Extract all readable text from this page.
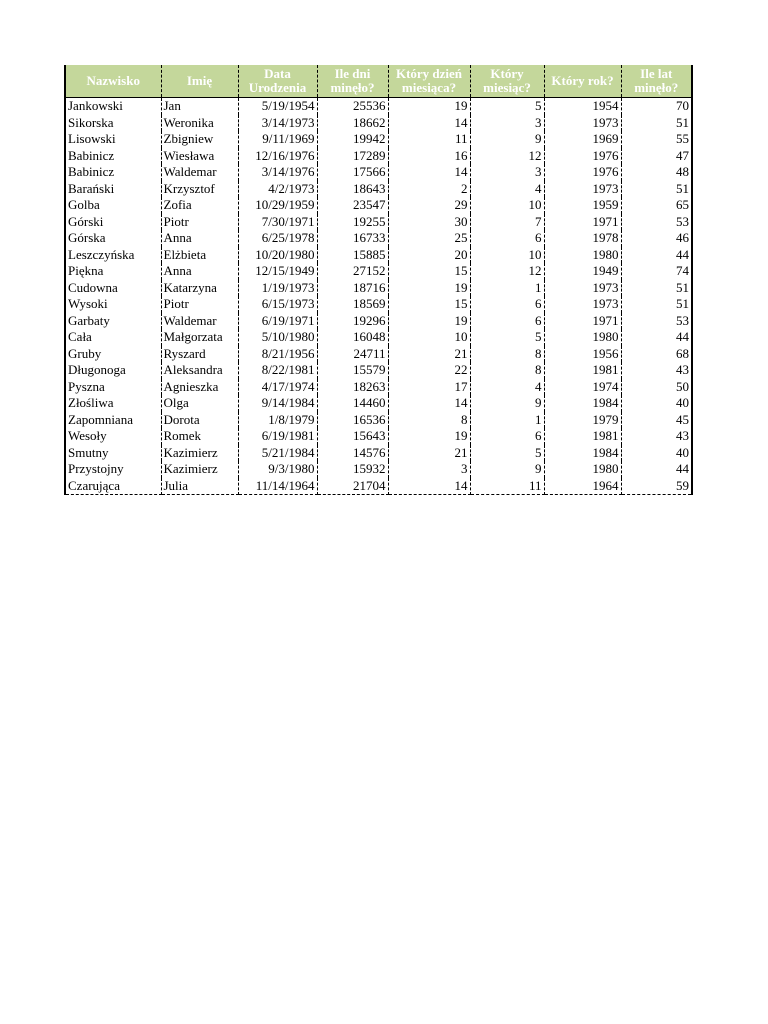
Nazwisko	Imię	Data Urodzenia	Ile dni minęło?	Który dzień miesiąca?	Który miesiąc?	Który rok?	Ile lat minęło?
Jankowski	Jan	5/19/1954	25536	19	5	1954	70
Sikorska	Weronika	3/14/1973	18662	14	3	1973	51
Lisowski	Zbigniew	9/11/1969	19942	11	9	1969	55
Babinicz	Wiesława	12/16/1976	17289	16	12	1976	47
Babinicz	Waldemar	3/14/1976	17566	14	3	1976	48
Barański	Krzysztof	4/2/1973	18643	2	4	1973	51
Golba	Zofia	10/29/1959	23547	29	10	1959	65
Górski	Piotr	7/30/1971	19255	30	7	1971	53
Górska	Anna	6/25/1978	16733	25	6	1978	46
Leszczyńska	Elżbieta	10/20/1980	15885	20	10	1980	44
Piękna	Anna	12/15/1949	27152	15	12	1949	74
Cudowna	Katarzyna	1/19/1973	18716	19	1	1973	51
Wysoki	Piotr	6/15/1973	18569	15	6	1973	51
Garbaty	Waldemar	6/19/1971	19296	19	6	1971	53
Cała	Małgorzata	5/10/1980	16048	10	5	1980	44
Gruby	Ryszard	8/21/1956	24711	21	8	1956	68
Długonoga	Aleksandra	8/22/1981	15579	22	8	1981	43
Pyszna	Agnieszka	4/17/1974	18263	17	4	1974	50
Złośliwa	Olga	9/14/1984	14460	14	9	1984	40
Zapomniana	Dorota	1/8/1979	16536	8	1	1979	45
Wesoły	Romek	6/19/1981	15643	19	6	1981	43
Smutny	Kazimierz	5/21/1984	14576	21	5	1984	40
Przystojny	Kazimierz	9/3/1980	15932	3	9	1980	44
Czarująca	Julia	11/14/1964	21704	14	11	1964	59
